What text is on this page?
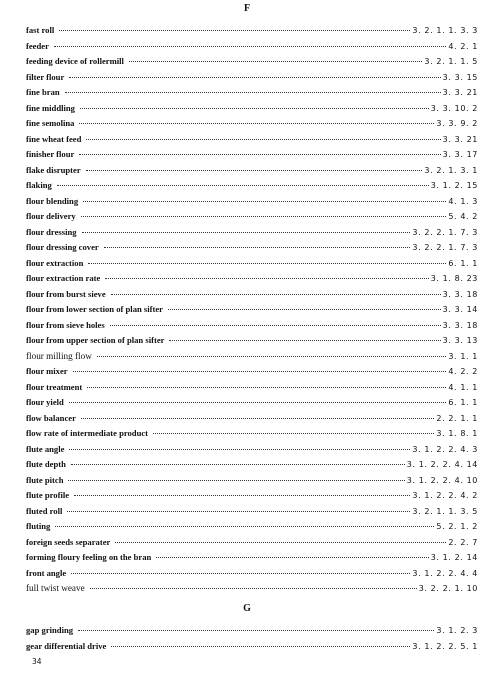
F
fast roll	3. 2. 1. 1. 3. 3
feeder	4. 2. 1
feeding device of rollermill	3. 2. 1. 1. 5
filter flour	3. 3. 15
fine bran	3. 3. 21
fine middling	3. 3. 10. 2
fine semolina	3. 3. 9. 2
fine wheat feed	3. 3. 21
finisher flour	3. 3. 17
flake disrupter	3. 2. 1. 3. 1
flaking	3. 1. 2. 15
flour blending	4. 1. 3
flour delivery	5. 4. 2
flour dressing	3. 2. 2. 1. 7. 3
flour dressing cover	3. 2. 2. 1. 7. 3
flour extraction	6. 1. 1
flour extraction rate	3. 1. 8. 23
flour from burst sieve	3. 3. 18
flour from lower section of plan sifter	3. 3. 14
flour from sieve holes	3. 3. 18
flour from upper section of plan sifter	3. 3. 13
flour milling flow	3. 1. 1
flour mixer	4. 2. 2
flour treatment	4. 1. 1
flour yield	6. 1. 1
flow balancer	2. 2. 1. 1
flow rate of intermediate product	3. 1. 8. 1
flute angle	3. 1. 2. 2. 4. 3
flute depth	3. 1. 2. 2. 4. 14
flute pitch	3. 1. 2. 2. 4. 10
flute profile	3. 1. 2. 2. 4. 2
fluted roll	3. 2. 1. 1. 3. 5
fluting	5. 2. 1. 2
foreign seeds separater	2. 2. 7
forming floury feeling on the bran	3. 1. 2. 14
front angle	3. 1. 2. 2. 4. 4
full twist weave	3. 2. 2. 1. 10
G
gap grinding	3. 1. 2. 3
gear differential drive	3. 1. 2. 2. 5. 1
34
